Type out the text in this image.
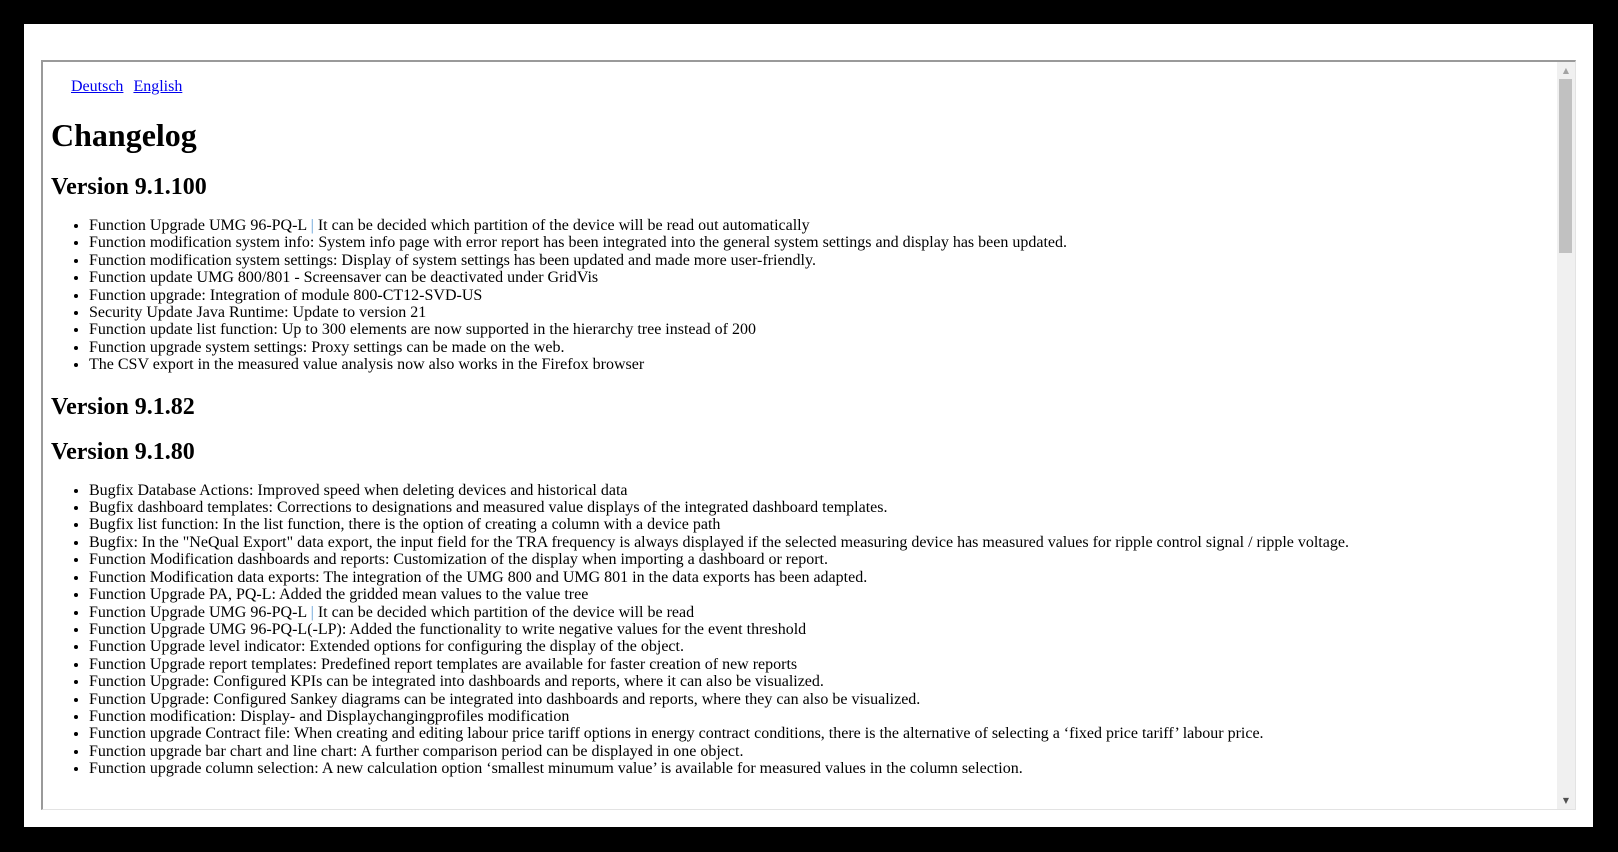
Deutsch English
Changelog
Version 9.1.100
• Function Upgrade UMG 96-PQ-L | It can be decided which partition of the device will be read out automatically
• Function modification system info: System info page with error report has been integrated into the general system settings and display has been updated.
• Function modification system settings: Display of system settings has been updated and made more user-friendly.
• Function update UMG 800/801 - Screensaver can be deactivated under GridVis
• Function upgrade: Integration of module 800-CT12-SVD-US
• Security Update Java Runtime: Update to version 21
• Function update list function: Up to 300 elements are now supported in the hierarchy tree instead of 200
• Function upgrade system settings: Proxy settings can be made on the web.
• The CSV export in the measured value analysis now also works in the Firefox browser
Version 9.1.82
Version 9.1.80
• Bugfix Database Actions: Improved speed when deleting devices and historical data
• Bugfix dashboard templates: Corrections to designations and measured value displays of the integrated dashboard templates.
• Bugfix list function: In the list function, there is the option of creating a column with a device path
• Bugfix: In the "NeQual Export" data export, the input field for the TRA frequency is always displayed if the selected measuring device has measured values for ripple control signal / ripple voltage.
• Function Modification dashboards and reports: Customization of the display when importing a dashboard or report.
• Function Modification data exports: The integration of the UMG 800 and UMG 801 in the data exports has been adapted.
• Function Upgrade PA, PQ-L: Added the gridded mean values to the value tree
• Function Upgrade UMG 96-PQ-L | It can be decided which partition of the device will be read
• Function Upgrade UMG 96-PQ-L(-LP): Added the functionality to write negative values for the event threshold
• Function Upgrade level indicator: Extended options for configuring the display of the object.
• Function Upgrade report templates: Predefined report templates are available for faster creation of new reports
• Function Upgrade: Configured KPIs can be integrated into dashboards and reports, where it can also be visualized.
• Function Upgrade: Configured Sankey diagrams can be integrated into dashboards and reports, where they can also be visualized.
• Function modification: Display- and Displaychangingprofiles modification
• Function upgrade Contract file: When creating and editing labour price tariff options in energy contract conditions, there is the alternative of selecting a ‘fixed price tariff’ labour price.
• Function upgrade bar chart and line chart: A further comparison period can be displayed in one object.
• Function upgrade column selection: A new calculation option ‘smallest minumum value’ is available for measured values in the column selection.
▲
▼
